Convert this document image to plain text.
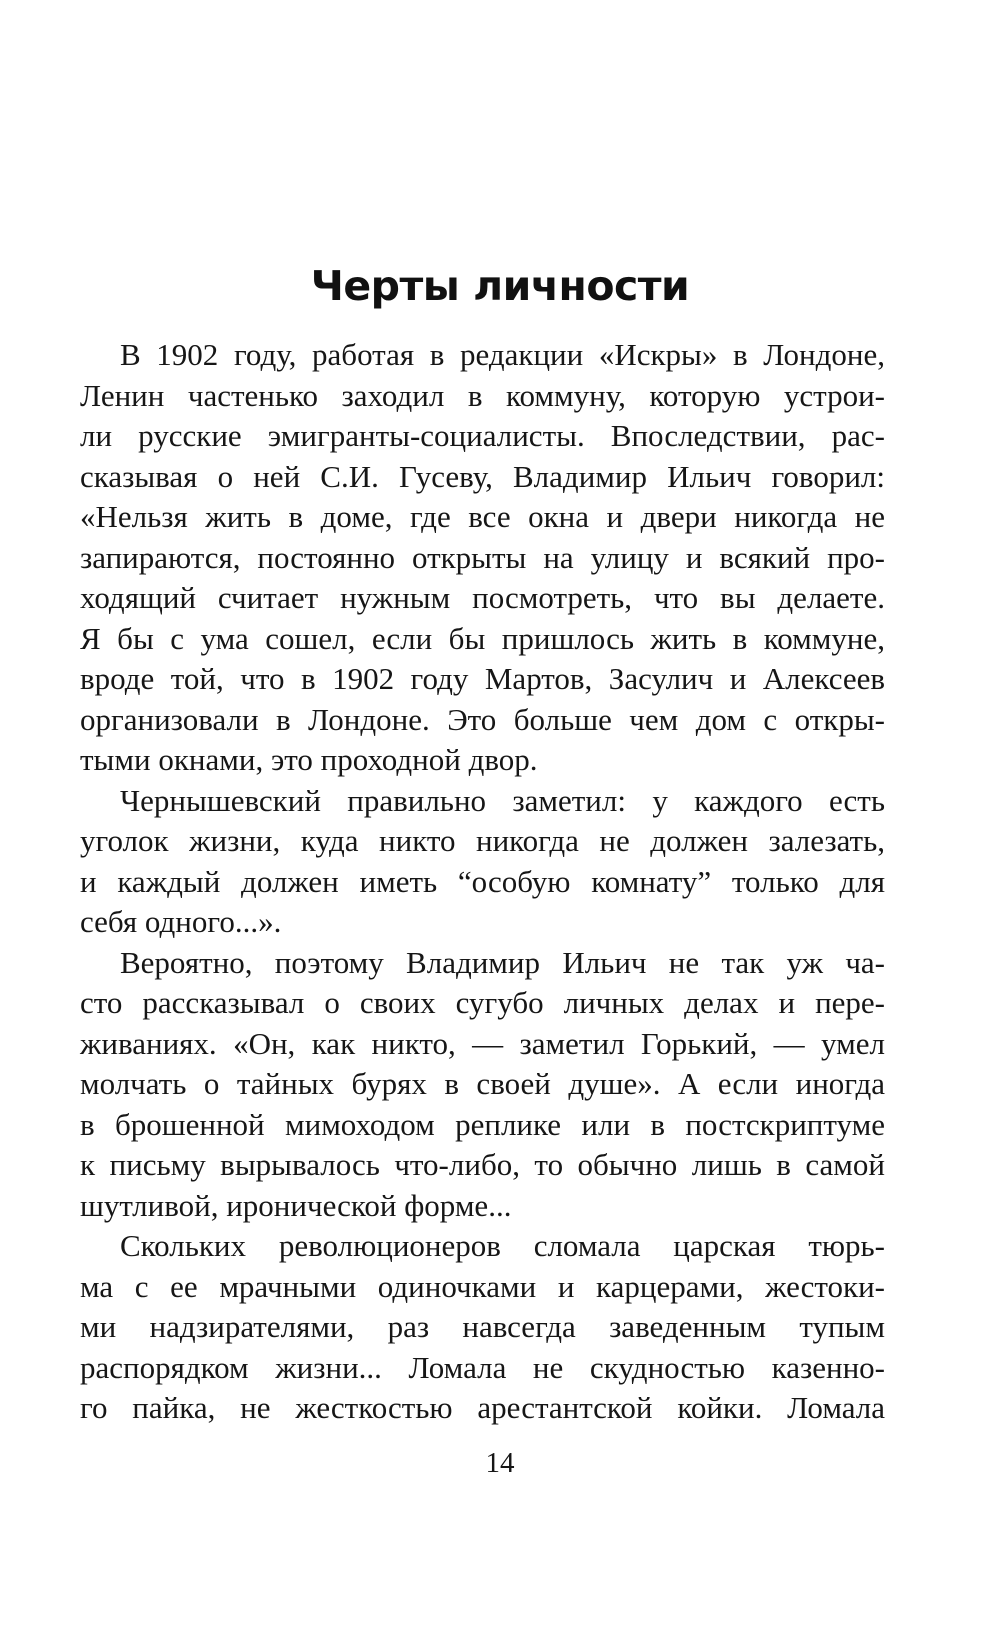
Черты личности

В 1902 году, работая в редакции «Искры» в Лондоне,
Ленин частенько заходил в коммуну, которую устрои-
ли русские эмигранты-социалисты. Впоследствии, рас-
сказывая о ней С.И. Гусеву, Владимир Ильич говорил:
«Нельзя жить в доме, где все окна и двери никогда не
запираются, постоянно открыты на улицу и всякий про-
ходящий считает нужным посмотреть, что вы делаете.
Я бы с ума сошел, если бы пришлось жить в коммуне,
вроде той, что в 1902 году Мартов, Засулич и Алексеев
организовали в Лондоне. Это больше чем дом с откры-
тыми окнами, это проходной двор.

Чернышевский правильно заметил: у каждого есть
уголок жизни, куда никто никогда не должен залезать,
и каждый должен иметь “особую комнату” только для
себя одного...».

Вероятно, поэтому Владимир Ильич не так уж ча-
сто рассказывал о своих сугубо личных делах и пере-
живаниях. «Он, как никто, — заметил Горький, — умел
молчать о тайных бурях в своей душе». А если иногда
в брошенной мимоходом реплике или в постскриптуме
к письму вырывалось что-либо, то обычно лишь в самой
шутливой, иронической форме...

Скольких революционеров сломала царская тюрь-
ма с ее мрачными одиночками и карцерами, жестоки-
ми надзирателями, раз навсегда заведенным тупым
распорядком жизни... Ломала не скудностью казенно-
го пайка, не жесткостью арестантской койки. Ломала

14
